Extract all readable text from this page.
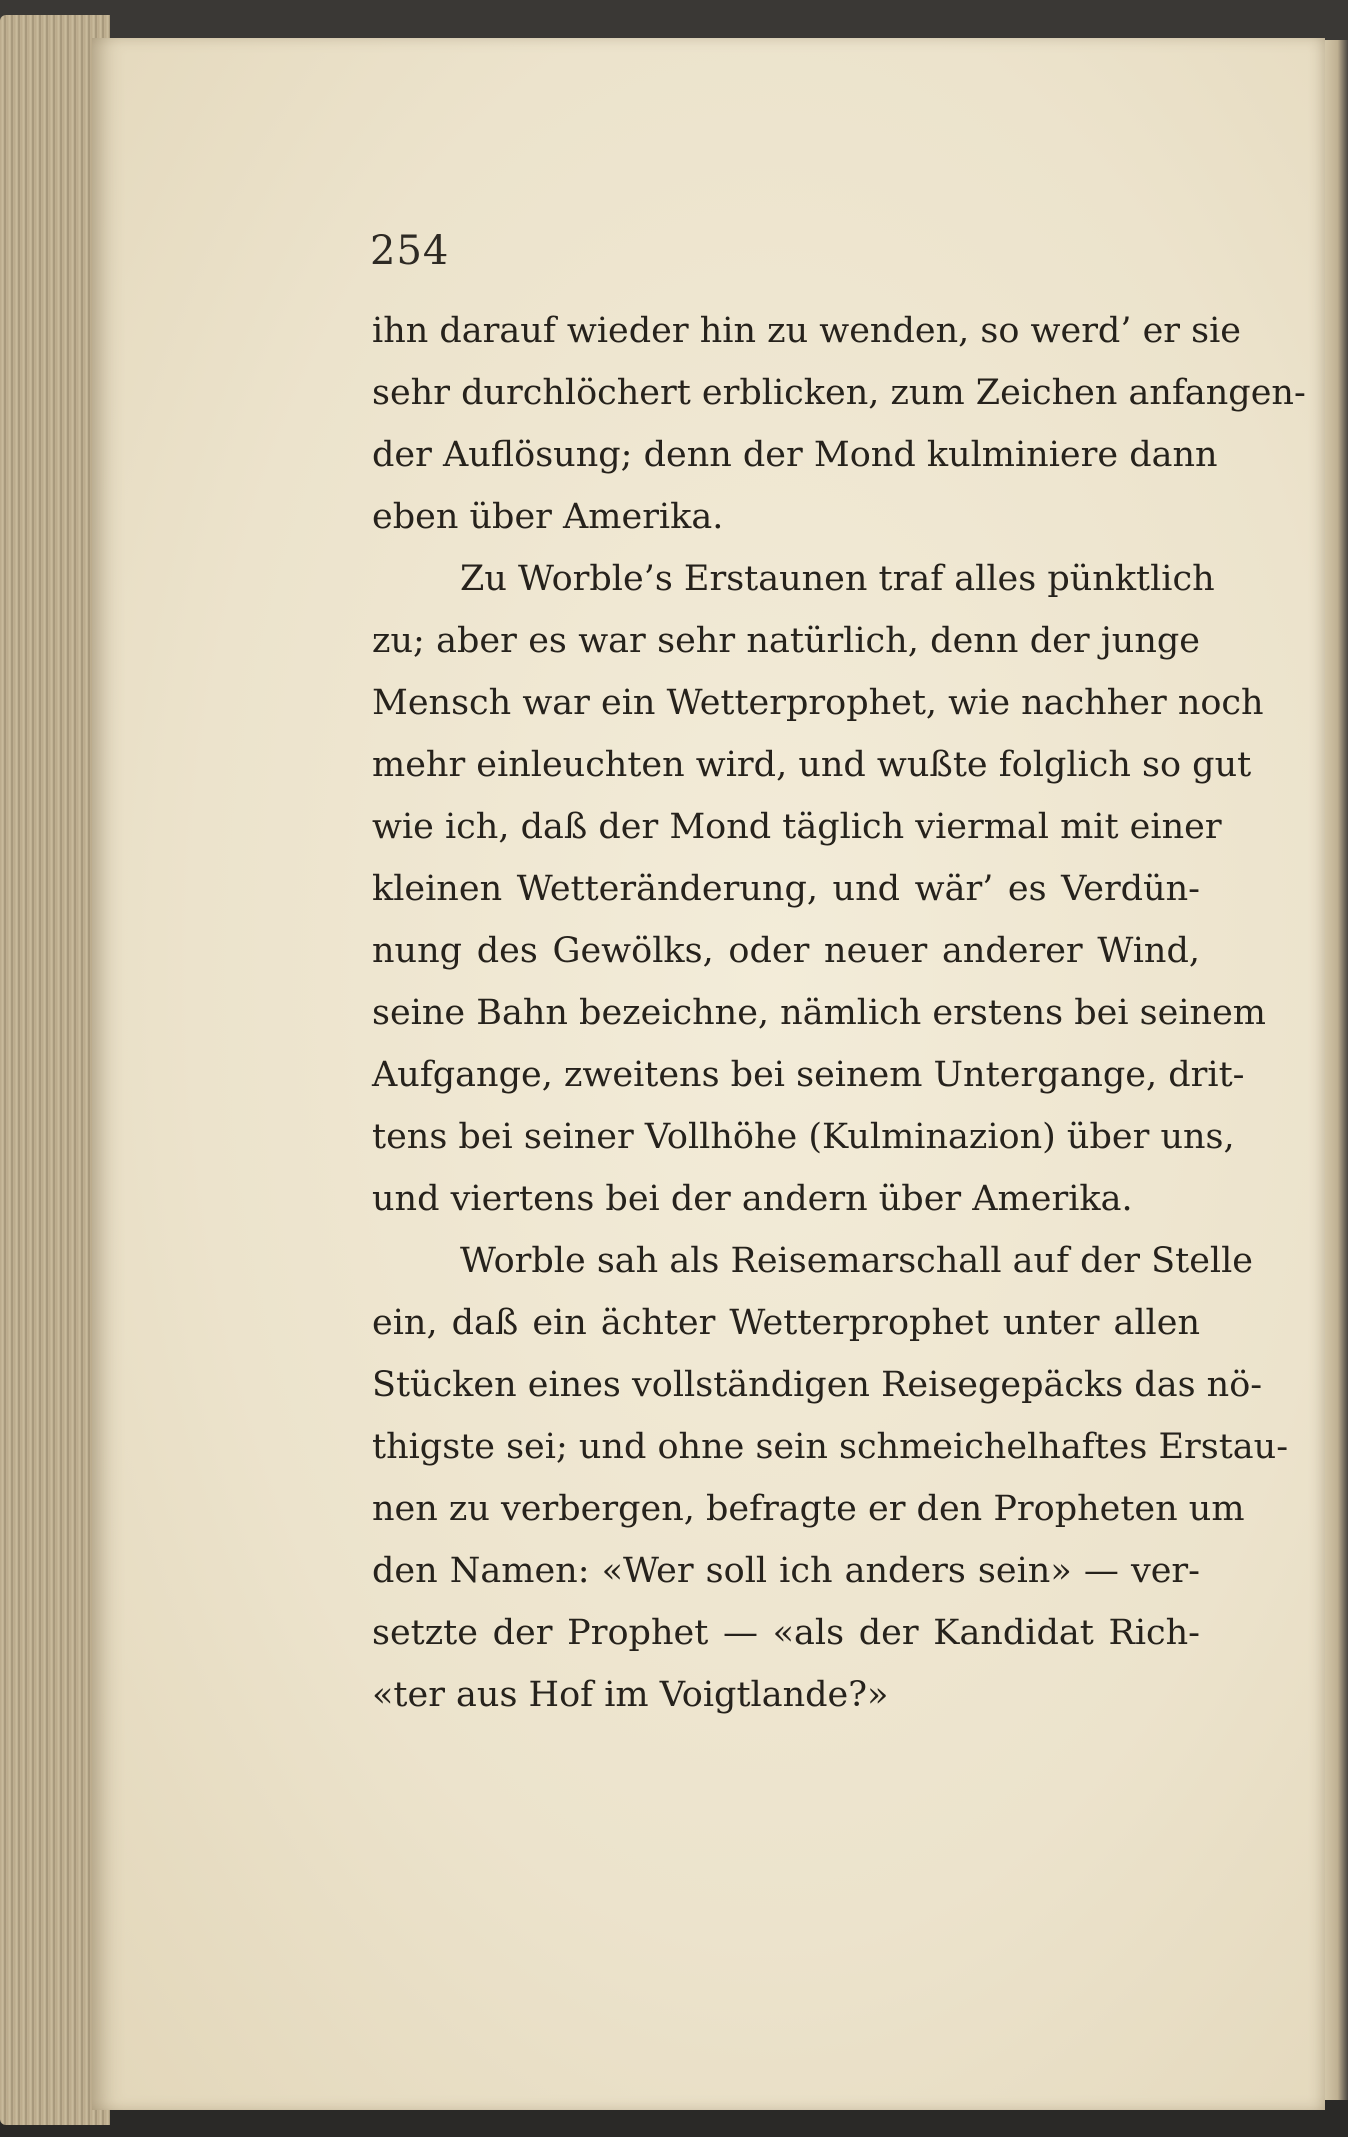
254
ihn darauf wieder hin zu wenden, so werd’ er sie
sehr durchlöchert erblicken, zum Zeichen anfangen-
der Auflösung; denn der Mond kulminiere dann
eben über Amerika.
Zu Worble’s Erstaunen traf alles pünktlich
zu; aber es war sehr natürlich, denn der junge
Mensch war ein Wetterprophet, wie nachher noch
mehr einleuchten wird, und wußte folglich so gut
wie ich, daß der Mond täglich viermal mit einer
kleinen Wetteränderung, und wär’ es Verdün-
nung des Gewölks, oder neuer anderer Wind,
seine Bahn bezeichne, nämlich erstens bei seinem
Aufgange, zweitens bei seinem Untergange, drit-
tens bei seiner Vollhöhe (Kulminazion) über uns,
und viertens bei der andern über Amerika.
Worble sah als Reisemarschall auf der Stelle
ein, daß ein ächter Wetterprophet unter allen
Stücken eines vollständigen Reisegepäcks das nö-
thigste sei; und ohne sein schmeichelhaftes Erstau-
nen zu verbergen, befragte er den Propheten um
den Namen: «Wer soll ich anders sein» — ver-
setzte der Prophet — «als der Kandidat Rich-
«ter aus Hof im Voigtlande?»
